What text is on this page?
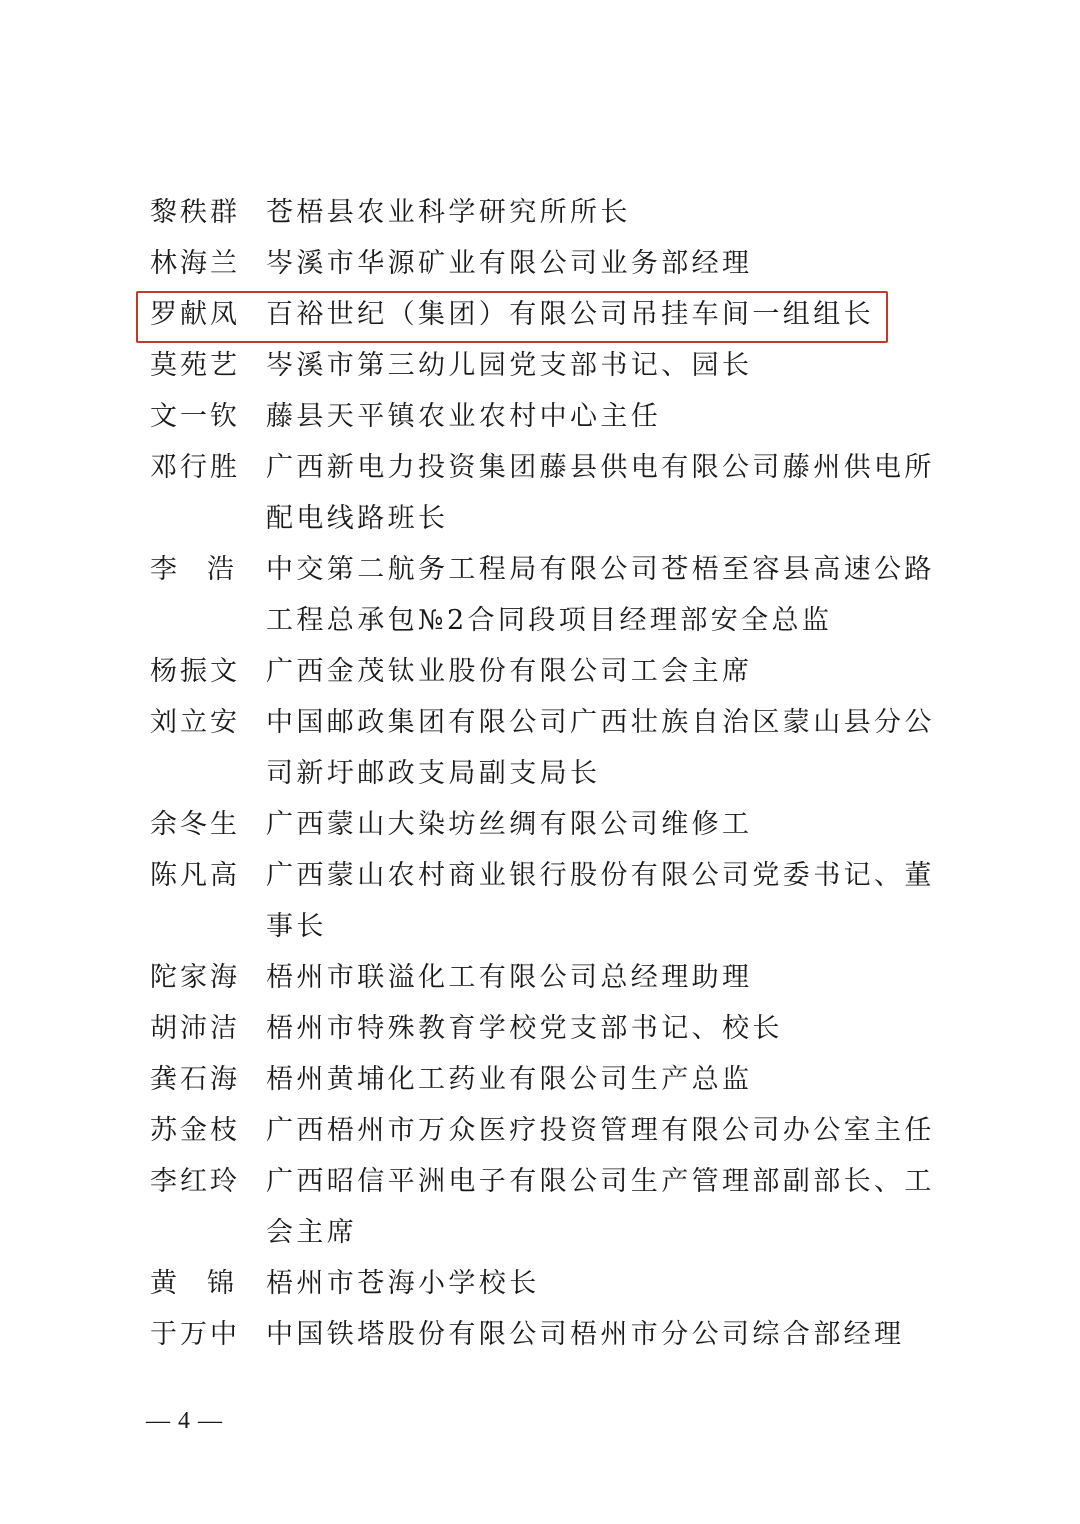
黎秩群 苍梧县农业科学研究所所长
林海兰 岑溪市华源矿业有限公司业务部经理
罗献凤 百裕世纪（集团）有限公司吊挂车间一组组长
莫苑艺 岑溪市第三幼儿园党支部书记、园长
文一钦 藤县天平镇农业农村中心主任
邓行胜 广西新电力投资集团藤县供电有限公司藤州供电所配电线路班长
李 浩 中交第二航务工程局有限公司苍梧至容县高速公路工程总承包№2合同段项目经理部安全总监
杨振文 广西金茂钛业股份有限公司工会主席
刘立安 中国邮政集团有限公司广西壮族自治区蒙山县分公司新圩邮政支局副支局长
余冬生 广西蒙山大染坊丝绸有限公司维修工
陈凡高 广西蒙山农村商业银行股份有限公司党委书记、董事长
陀家海 梧州市联溢化工有限公司总经理助理
胡沛洁 梧州市特殊教育学校党支部书记、校长
龚石海 梧州黄埔化工药业有限公司生产总监
苏金枝 广西梧州市万众医疗投资管理有限公司办公室主任
李红玲 广西昭信平洲电子有限公司生产管理部副部长、工会主席
黄 锦 梧州市苍海小学校长
于万中 中国铁塔股份有限公司梧州市分公司综合部经理
— 4 —
